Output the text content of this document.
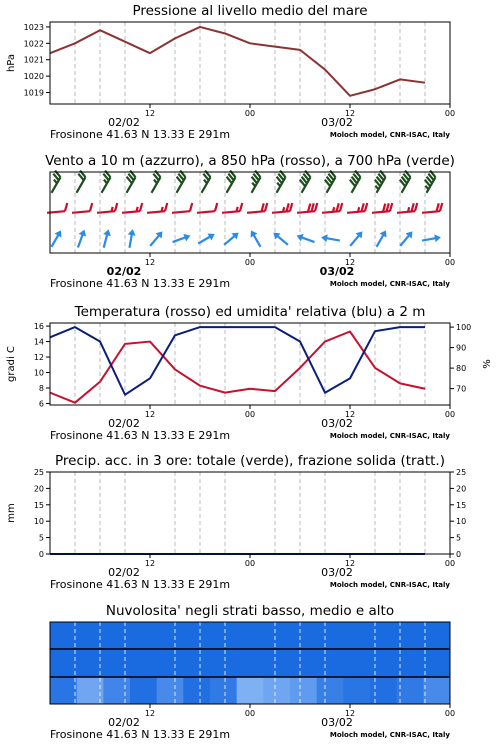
Pressione al livello medio del mare
1019
1020
1021
1022
1023
hPa
12	00	12	00
02/02	03/02
Frosinone 41.63 N 13.33 E 291m	Moloch model, CNR-ISAC, Italy
Vento a 10 m (azzurro), a 850 hPa (rosso), a 700 hPa (verde)
12	00	12	00
02/02	03/02
Frosinone 41.63 N 13.33 E 291m	Moloch model, CNR-ISAC, Italy
Temperatura (rosso) ed umidita' relativa (blu) a 2 m
6
8
10
12
14
16
70
80
90
100
gradi C	%
12	00	12	00
02/02	03/02
Frosinone 41.63 N 13.33 E 291m	Moloch model, CNR-ISAC, Italy
Precip. acc. in 3 ore: totale (verde), frazione solida (tratt.)
0
5
10
15
20
25
0
5
10
15
20
25
mm
12	00	12	00
02/02	03/02
Frosinone 41.63 N 13.33 E 291m	Moloch model, CNR-ISAC, Italy
Nuvolosita' negli strati basso, medio e alto
12	00	12	00
02/02	03/02
Frosinone 41.63 N 13.33 E 291m	Moloch model, CNR-ISAC, Italy
